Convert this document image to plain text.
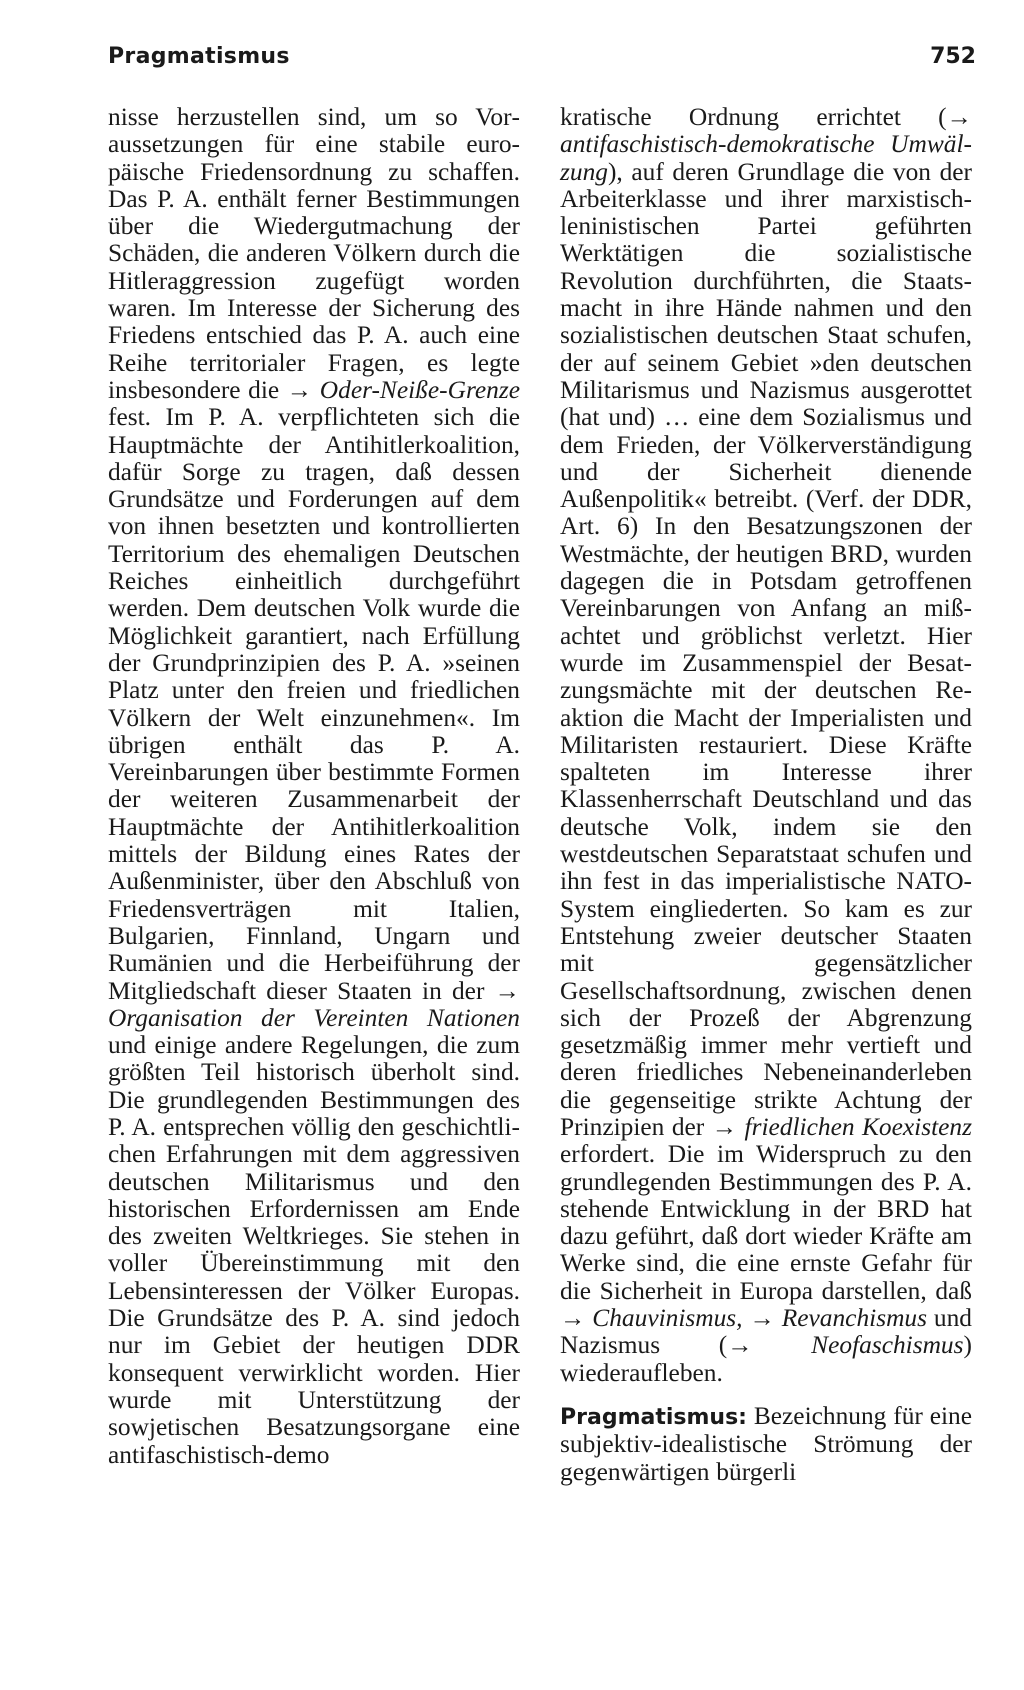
Pragmatismus	752

nisse herzustellen sind, um so Voraussetzungen für eine stabile europäische Friedensordnung zu schaffen. Das P. A. enthält ferner Bestimmungen über die Wiedergutmachung der Schäden, die anderen Völkern durch die Hitleraggression zugefügt worden waren. Im Interesse der Sicherung des Friedens entschied das P. A. auch eine Reihe territorialer Fragen, es legte insbesondere die → Oder-Neiße-Grenze fest. Im P. A. verpflichteten sich die Hauptmächte der Antihitlerkoalition, dafür Sorge zu tragen, daß dessen Grundsätze und Forderungen auf dem von ihnen besetzten und kontrollierten Territorium des ehemaligen Deutschen Reiches einheitlich durchgeführt werden. Dem deutschen Volk wurde die Möglichkeit garantiert, nach Erfüllung der Grundprinzipien des P. A. »seinen Platz unter den freien und friedlichen Völkern der Welt einzunehmen«. Im übrigen enthält das P. A. Vereinbarungen über bestimmte Formen der weiteren Zusammenarbeit der Hauptmächte der Antihitlerkoalition mittels der Bildung eines Rates der Außenminister, über den Abschluß von Friedensverträgen mit Italien, Bulgarien, Finnland, Ungarn und Rumänien und die Herbeiführung der Mitgliedschaft dieser Staaten in der → Organisation der Vereinten Nationen und einige andere Regelungen, die zum größten Teil historisch überholt sind. Die grundlegenden Bestimmungen des P. A. entsprechen völlig den geschichtlichen Erfahrungen mit dem aggressiven deutschen Militarismus und den historischen Erfordernissen am Ende des zweiten Weltkrieges. Sie stehen in voller Übereinstimmung mit den Lebensinteressen der Völker Europas. Die Grundsätze des P. A. sind jedoch nur im Gebiet der heutigen DDR konsequent verwirklicht worden. Hier wurde mit Unterstützung der sowjetischen Besatzungsorgane eine antifaschistisch-demo

kratische Ordnung errichtet (→ antifaschistisch-demokratische Umwälzung), auf deren Grundlage die von der Arbeiterklasse und ihrer marxistisch-leninistischen Partei geführten Werktätigen die sozialistische Revolution durchführten, die Staatsmacht in ihre Hände nahmen und den sozialistischen deutschen Staat schufen, der auf seinem Gebiet »den deutschen Militarismus und Nazismus ausgerottet (hat und) … eine dem Sozialismus und dem Frieden, der Völkerverständigung und der Sicherheit dienende Außenpolitik« betreibt. (Verf. der DDR, Art. 6) In den Besatzungszonen der Westmächte, der heutigen BRD, wurden dagegen die in Potsdam getroffenen Vereinbarungen von Anfang an mißachtet und gröblichst verletzt. Hier wurde im Zusammenspiel der Besatzungsmächte mit der deutschen Reaktion die Macht der Imperialisten und Militaristen restauriert. Diese Kräfte spalteten im Interesse ihrer Klassenherrschaft Deutschland und das deutsche Volk, indem sie den westdeutschen Separatstaat schufen und ihn fest in das imperialistische NATO-System eingliederten. So kam es zur Entstehung zweier deutscher Staaten mit gegensätzlicher Gesellschaftsordnung, zwischen denen sich der Prozeß der Abgrenzung gesetzmäßig immer mehr vertieft und deren friedliches Nebeneinanderleben die gegenseitige strikte Achtung der Prinzipien der → friedlichen Koexistenz erfordert. Die im Widerspruch zu den grundlegenden Bestimmungen des P. A. stehende Entwicklung in der BRD hat dazu geführt, daß dort wieder Kräfte am Werke sind, die eine ernste Gefahr für die Sicherheit in Europa darstellen, daß → Chauvinismus, → Revanchismus und Nazismus (→ Neofaschismus) wiederaufleben.

Pragmatismus: Bezeichnung für eine subjektiv-idealistische Strömung der gegenwärtigen bürgerli
